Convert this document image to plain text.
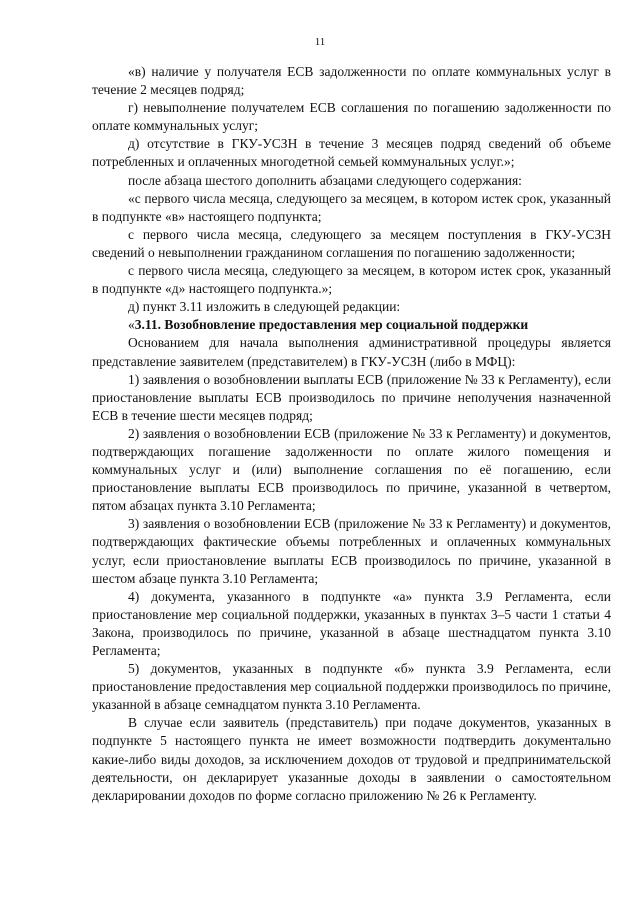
11

«в) наличие у получателя ЕСВ задолженности по оплате коммунальных услуг в течение 2 месяцев подряд;

г) невыполнение получателем ЕСВ соглашения по погашению задолженности по оплате коммунальных услуг;

д) отсутствие в ГКУ-УСЗН в течение 3 месяцев подряд сведений об объеме потребленных и оплаченных многодетной семьей коммунальных услуг.»;

после абзаца шестого дополнить абзацами следующего содержания:

«с первого числа месяца, следующего за месяцем, в котором истек срок, указанный в подпункте «в» настоящего подпункта;

с первого числа месяца, следующего за месяцем поступления в ГКУ-УСЗН сведений о невыполнении гражданином соглашения по погашению задолженности;

с первого числа месяца, следующего за месяцем, в котором истек срок, указанный в подпункте «д» настоящего подпункта.»;

д) пункт 3.11 изложить в следующей редакции:

«3.11. Возобновление предоставления мер социальной поддержки

Основанием для начала выполнения административной процедуры является представление заявителем (представителем) в ГКУ-УСЗН (либо в МФЦ):

1) заявления о возобновлении выплаты ЕСВ (приложение № 33 к Регламенту), если приостановление выплаты ЕСВ производилось по причине неполучения назначенной ЕСВ в течение шести месяцев подряд;

2) заявления о возобновлении ЕСВ (приложение № 33 к Регламенту) и документов, подтверждающих погашение задолженности по оплате жилого помещения и коммунальных услуг и (или) выполнение соглашения по её погашению, если приостановление выплаты ЕСВ производилось по причине, указанной в четвертом, пятом абзацах пункта 3.10 Регламента;

3) заявления о возобновлении ЕСВ (приложение № 33 к Регламенту) и документов, подтверждающих фактические объемы потребленных и оплаченных коммунальных услуг, если приостановление выплаты ЕСВ производилось по причине, указанной в шестом абзаце пункта 3.10 Регламента;

4) документа, указанного в подпункте «а» пункта 3.9 Регламента, если приостановление мер социальной поддержки, указанных в пунктах 3–5 части 1 статьи 4 Закона, производилось по причине, указанной в абзаце шестнадцатом пункта 3.10 Регламента;

5) документов, указанных в подпункте «б» пункта 3.9 Регламента, если приостановление предоставления мер социальной поддержки производилось по причине, указанной в абзаце семнадцатом пункта 3.10 Регламента.

В случае если заявитель (представитель) при подаче документов, указанных в подпункте 5 настоящего пункта не имеет возможности подтвердить документально какие-либо виды доходов, за исключением доходов от трудовой и предпринимательской деятельности, он декларирует указанные доходы в заявлении о самостоятельном декларировании доходов по форме согласно приложению № 26 к Регламенту.
